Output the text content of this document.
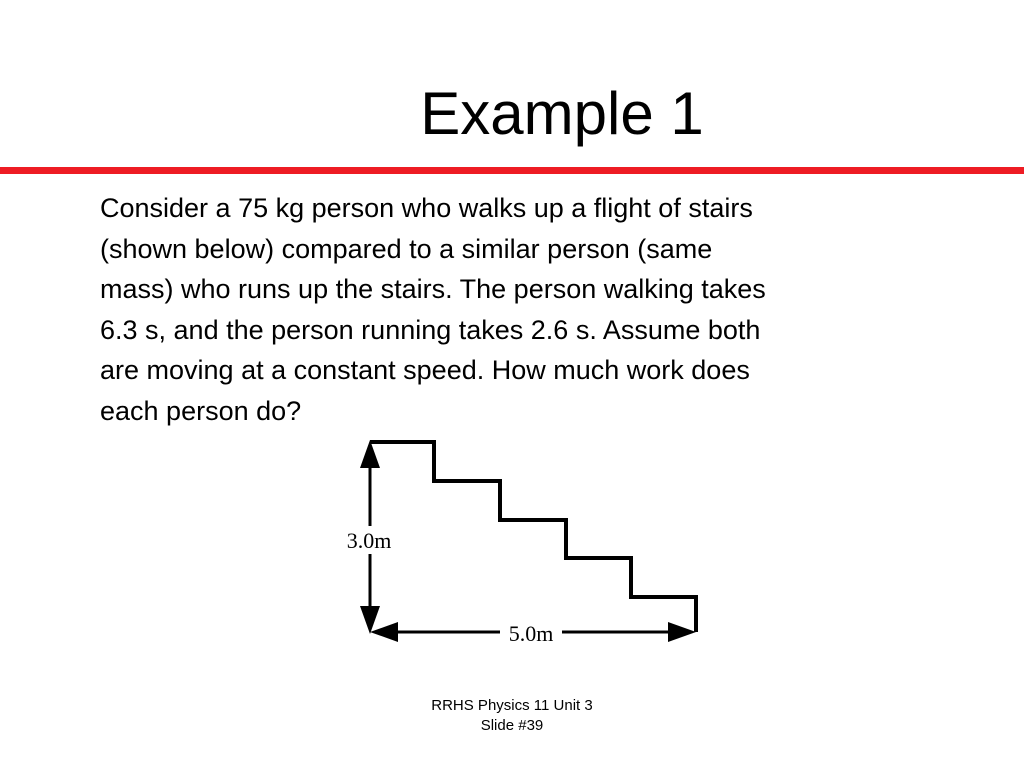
Example 1
Consider a 75 kg person who walks up a flight of stairs
(shown below) compared to a similar person (same
mass) who runs up the stairs. The person walking takes
6.3 s, and the person running takes 2.6 s. Assume both
are moving at a constant speed. How much work does
each person do?
3.0m
5.0m
RRHS Physics 11 Unit 3
Slide #39
